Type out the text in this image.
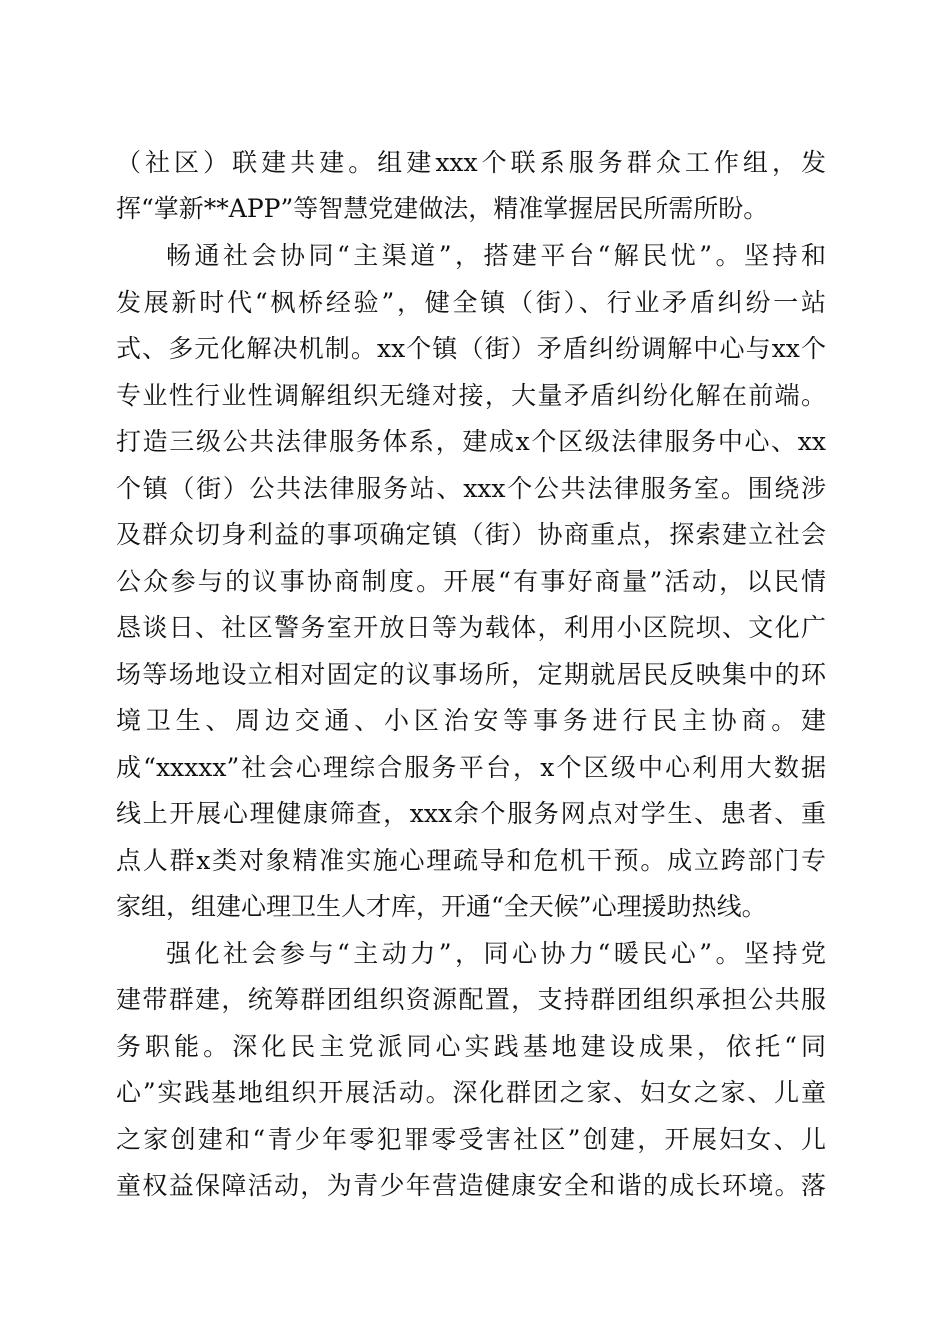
（社区）联建共建。组建xxx个联系服务群众工作组，发
挥“掌新**APP”等智慧党建做法，精准掌握居民所需所盼。
畅通社会协同“主渠道”，搭建平台“解民忧”。坚持和
发展新时代“枫桥经验”，健全镇（街）、行业矛盾纠纷一站
式、多元化解决机制。xx个镇（街）矛盾纠纷调解中心与xx个
专业性行业性调解组织无缝对接，大量矛盾纠纷化解在前端。
打造三级公共法律服务体系，建成x个区级法律服务中心、xx
个镇（街）公共法律服务站、xxx个公共法律服务室。围绕涉
及群众切身利益的事项确定镇（街）协商重点，探索建立社会
公众参与的议事协商制度。开展“有事好商量”活动，以民情
恳谈日、社区警务室开放日等为载体，利用小区院坝、文化广
场等场地设立相对固定的议事场所，定期就居民反映集中的环
境卫生、周边交通、小区治安等事务进行民主协商。建
成“xxxxx”社会心理综合服务平台，x个区级中心利用大数据
线上开展心理健康筛查，xxx余个服务网点对学生、患者、重
点人群x类对象精准实施心理疏导和危机干预。成立跨部门专
家组，组建心理卫生人才库，开通“全天候”心理援助热线。
强化社会参与“主动力”，同心协力“暖民心”。坚持党
建带群建，统筹群团组织资源配置，支持群团组织承担公共服
务职能。深化民主党派同心实践基地建设成果，依托“同
心”实践基地组织开展活动。深化群团之家、妇女之家、儿童
之家创建和“青少年零犯罪零受害社区”创建，开展妇女、儿
童权益保障活动，为青少年营造健康安全和谐的成长环境。落
